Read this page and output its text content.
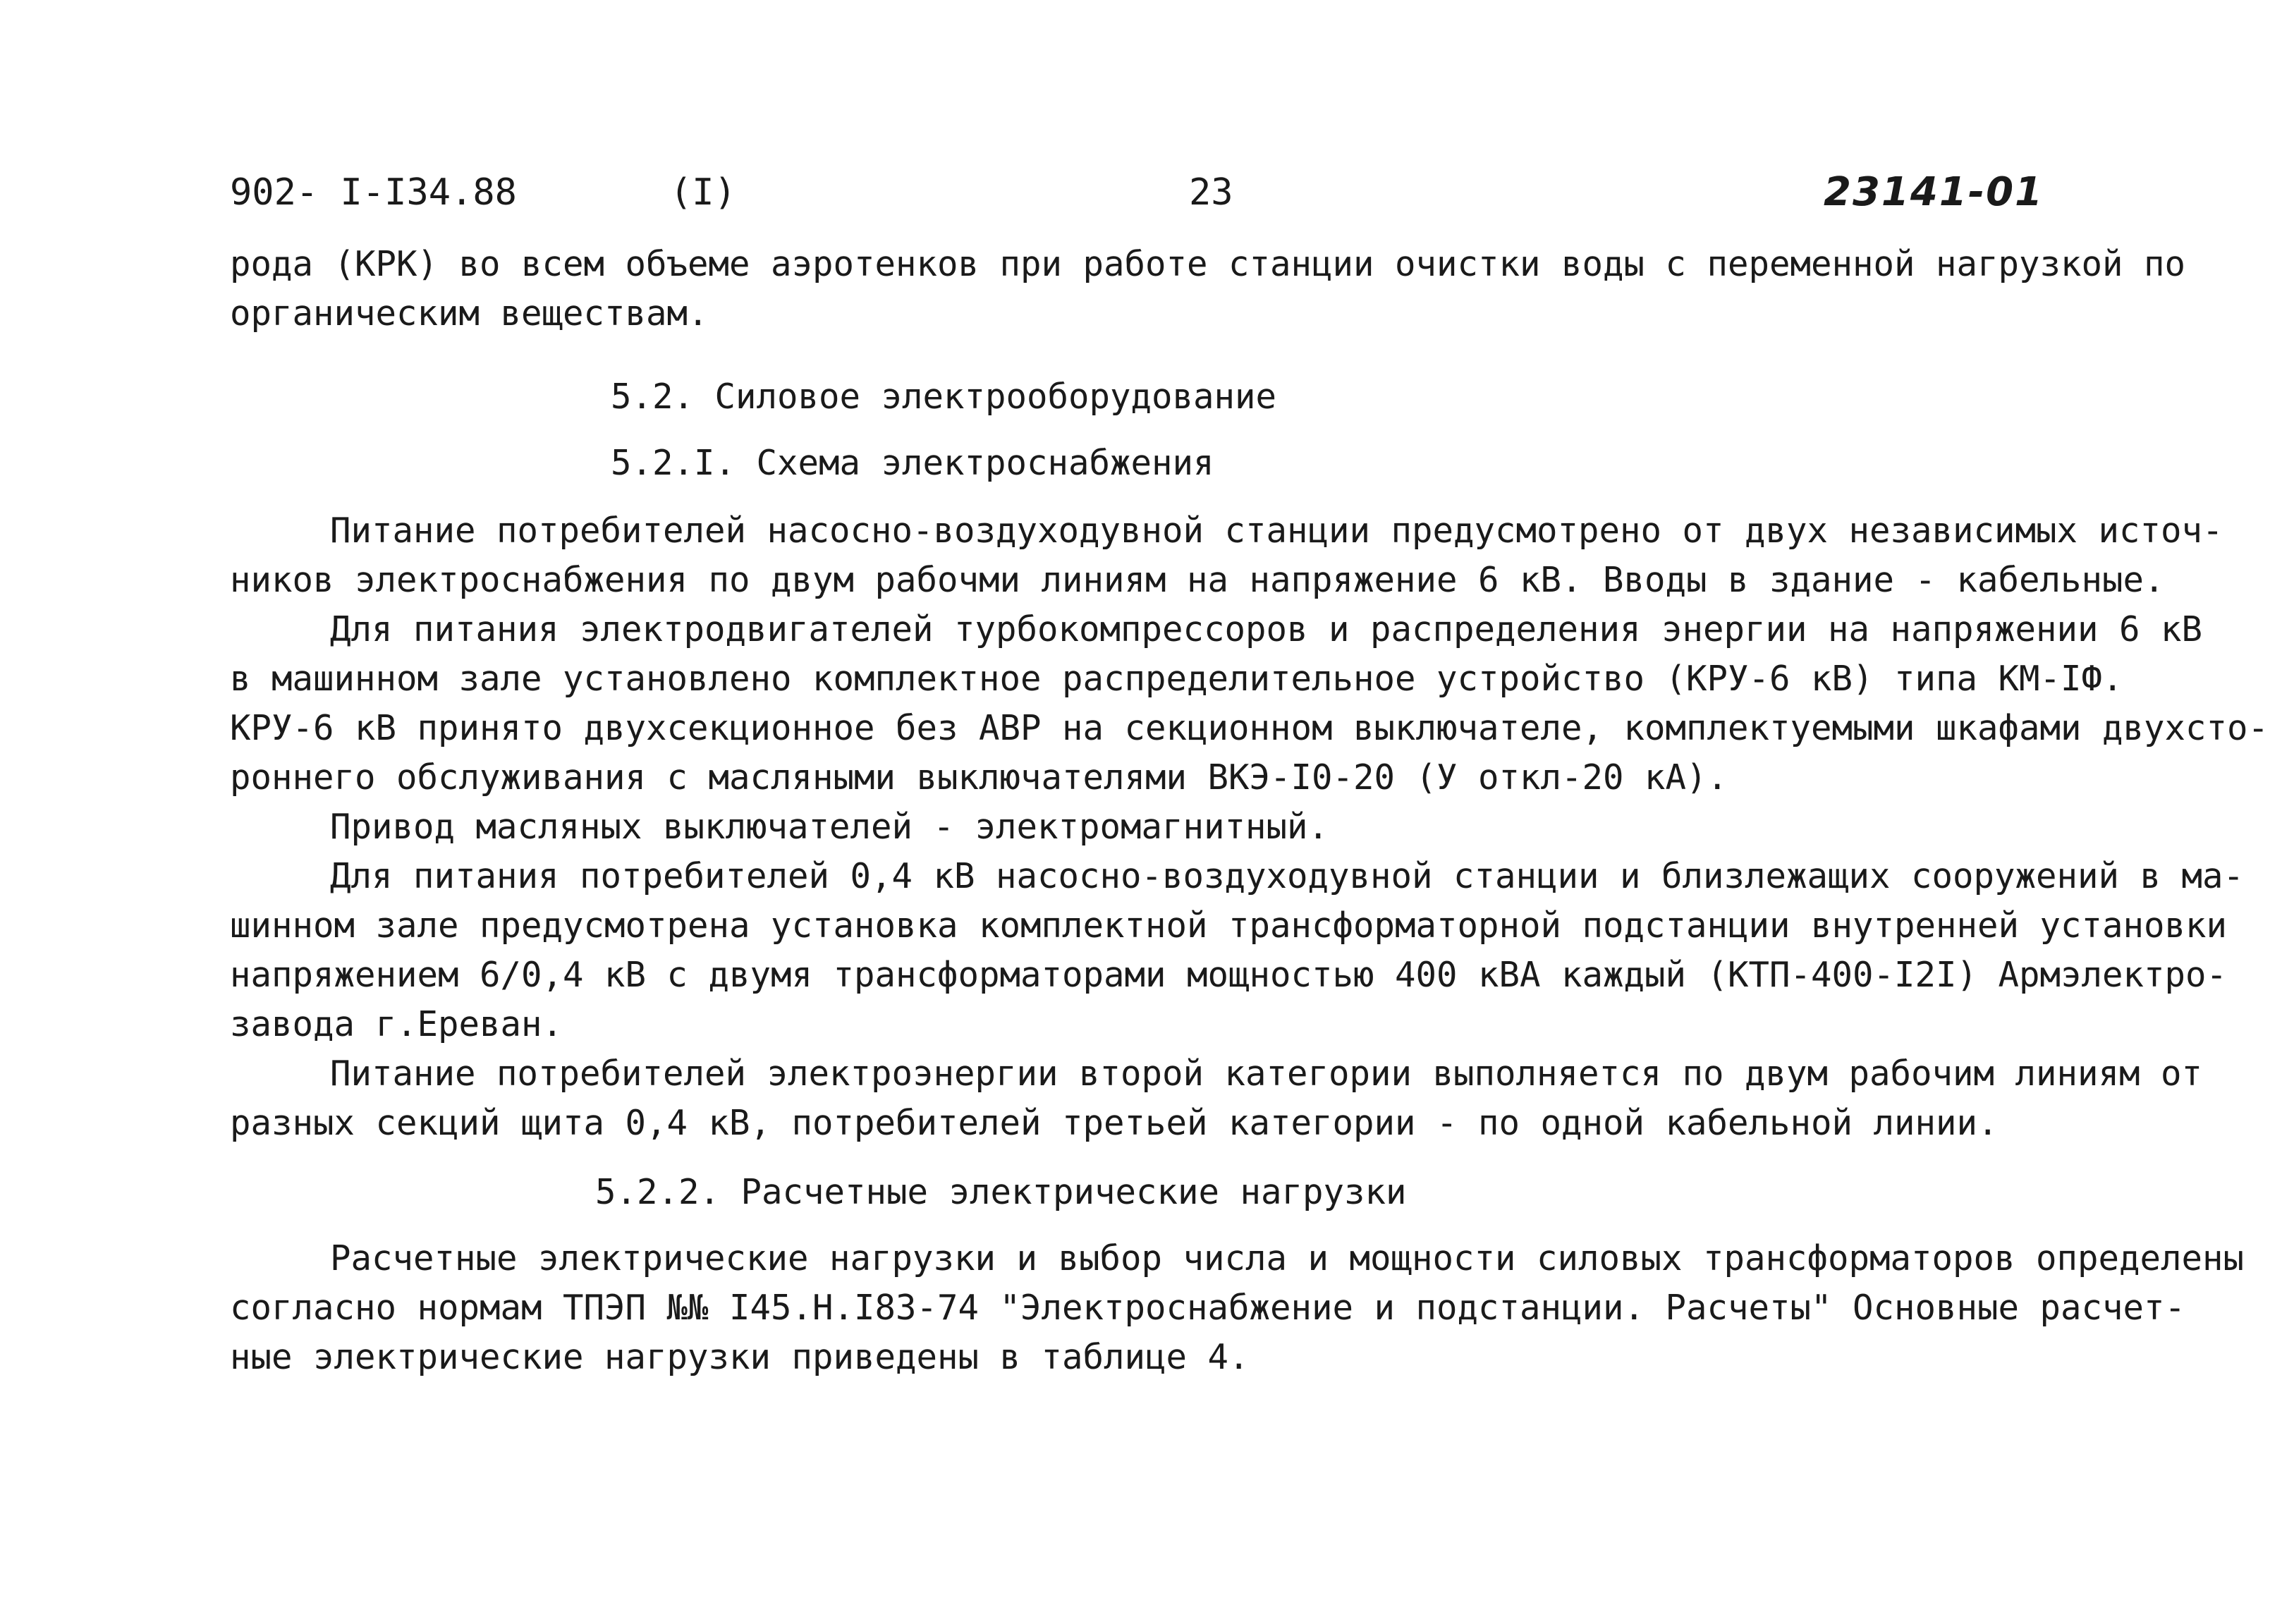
902- I-I34.88	(I)	23	23141-01
рода (КРК) во всем объеме аэротенков при работе станции очистки воды с переменной нагрузкой по
органическим веществам.
5.2. Силовое электрооборудование
5.2.I. Схема электроснабжения
Питание потребителей насосно-воздуходувной станции предусмотрено от двух независимых источ-
ников электроснабжения по двум рабочми линиям на напряжение 6 кВ. Вводы в здание - кабельные.
Для питания электродвигателей турбокомпрессоров и распределения энергии на напряжении 6 кВ
в машинном зале установлено комплектное распределительное устройство (КРУ-6 кВ) типа КМ-IФ.
КРУ-6 кВ принято двухсекционное без АВР на секционном выключателе, комплектуемыми шкафами двухсто-
роннего обслуживания с масляными выключателями ВКЭ-I0-20 (У откл-20 кА).
Привод масляных выключателей - электромагнитный.
Для питания потребителей 0,4 кВ насосно-воздуходувной станции и близлежащих сооружений в ма-
шинном зале предусмотрена установка комплектной трансформаторной подстанции внутренней установки
напряжением 6/0,4 кВ с двумя трансформаторами мощностью 400 кВА каждый (КТП-400-I2I) Армэлектро-
завода г.Ереван.
Питание потребителей электроэнергии второй категории выполняется по двум рабочим линиям от
разных секций щита 0,4 кВ, потребителей третьей категории - по одной кабельной линии.
5.2.2. Расчетные электрические нагрузки
Расчетные электрические нагрузки и выбор числа и мощности силовых трансформаторов определены
согласно нормам ТПЭП №№ I45.Н.I83-74 "Электроснабжение и подстанции. Расчеты" Основные расчет-
ные электрические нагрузки приведены в таблице 4.
